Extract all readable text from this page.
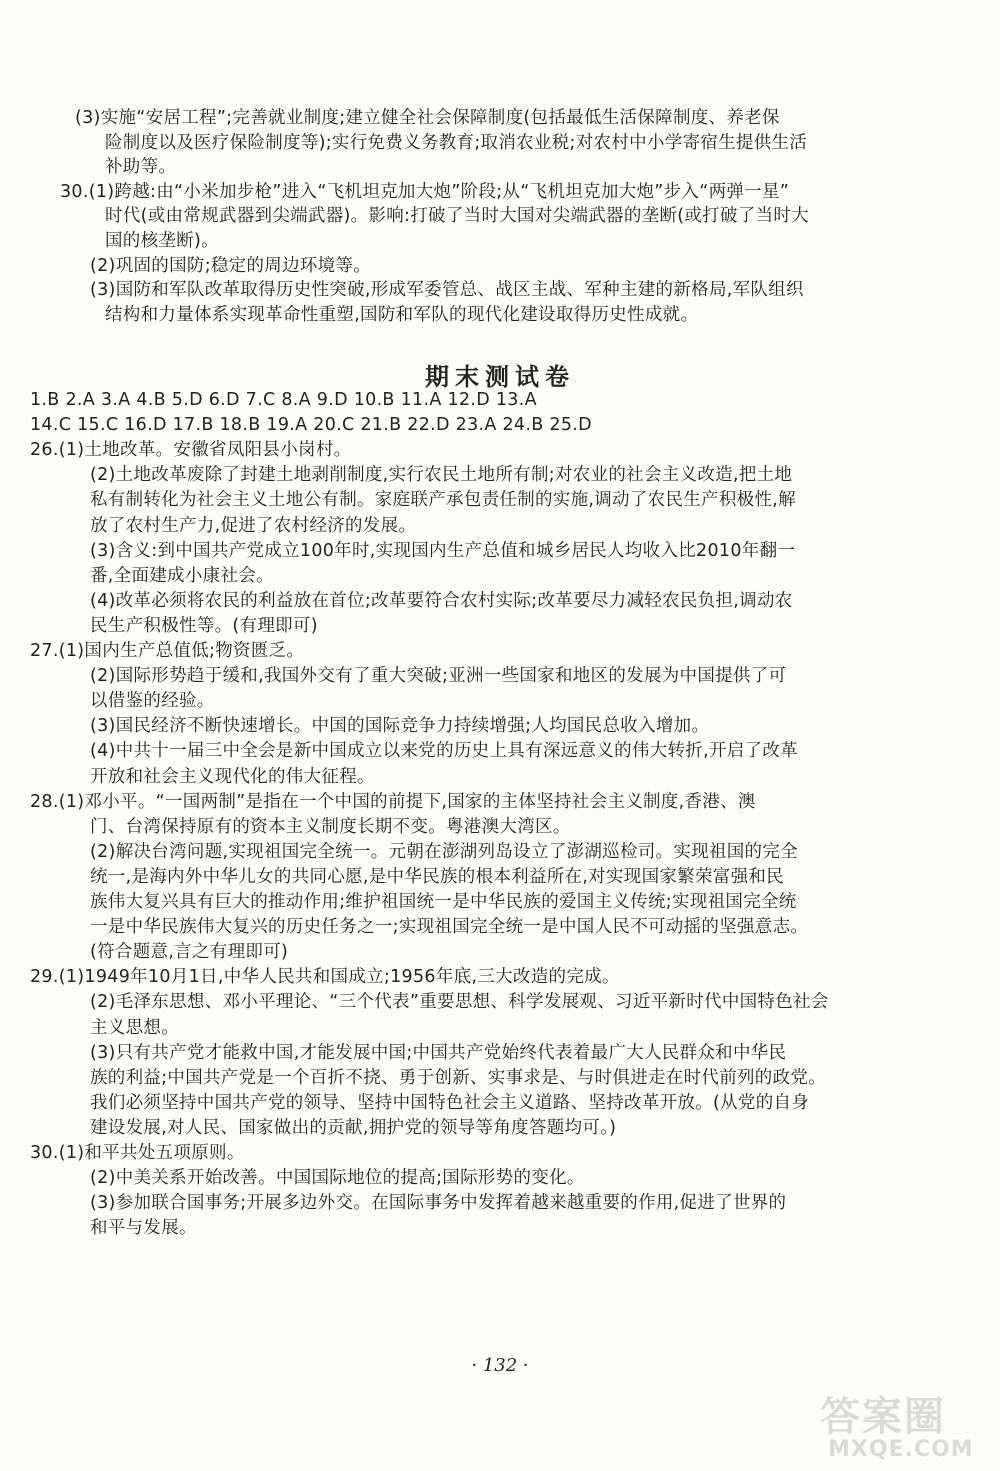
(3)实施“安居工程”;完善就业制度;建立健全社会保障制度(包括最低生活保障制度、养老保
险制度以及医疗保险制度等);实行免费义务教育;取消农业税;对农村中小学寄宿生提供生活
补助等。
30.(1)跨越:由“小米加步枪”进入“飞机坦克加大炮”阶段;从“飞机坦克加大炮”步入“两弹一星”
时代(或由常规武器到尖端武器)。影响:打破了当时大国对尖端武器的垄断(或打破了当时大
国的核垄断)。
(2)巩固的国防;稳定的周边环境等。
(3)国防和军队改革取得历史性突破,形成军委管总、战区主战、军种主建的新格局,军队组织
结构和力量体系实现革命性重塑,国防和军队的现代化建设取得历史性成就。
期末测试卷
1.B 2.A 3.A 4.B 5.D 6.D 7.C 8.A 9.D 10.B 11.A 12.D 13.A
14.C 15.C 16.D 17.B 18.B 19.A 20.C 21.B 22.D 23.A 24.B 25.D
26.(1)土地改革。安徽省凤阳县小岗村。
(2)土地改革废除了封建土地剥削制度,实行农民土地所有制;对农业的社会主义改造,把土地
私有制转化为社会主义土地公有制。家庭联产承包责任制的实施,调动了农民生产积极性,解
放了农村生产力,促进了农村经济的发展。
(3)含义:到中国共产党成立100年时,实现国内生产总值和城乡居民人均收入比2010年翻一
番,全面建成小康社会。
(4)改革必须将农民的利益放在首位;改革要符合农村实际;改革要尽力减轻农民负担,调动农
民生产积极性等。(有理即可)
27.(1)国内生产总值低;物资匮乏。
(2)国际形势趋于缓和,我国外交有了重大突破;亚洲一些国家和地区的发展为中国提供了可
以借鉴的经验。
(3)国民经济不断快速增长。中国的国际竞争力持续增强;人均国民总收入增加。
(4)中共十一届三中全会是新中国成立以来党的历史上具有深远意义的伟大转折,开启了改革
开放和社会主义现代化的伟大征程。
28.(1)邓小平。“一国两制”是指在一个中国的前提下,国家的主体坚持社会主义制度,香港、澳
门、台湾保持原有的资本主义制度长期不变。粤港澳大湾区。
(2)解决台湾问题,实现祖国完全统一。元朝在澎湖列岛设立了澎湖巡检司。实现祖国的完全
统一,是海内外中华儿女的共同心愿,是中华民族的根本利益所在,对实现国家繁荣富强和民
族伟大复兴具有巨大的推动作用;维护祖国统一是中华民族的爱国主义传统;实现祖国完全统
一是中华民族伟大复兴的历史任务之一;实现祖国完全统一是中国人民不可动摇的坚强意志。
(符合题意,言之有理即可)
29.(1)1949年10月1日,中华人民共和国成立;1956年底,三大改造的完成。
(2)毛泽东思想、邓小平理论、“三个代表”重要思想、科学发展观、习近平新时代中国特色社会
主义思想。
(3)只有共产党才能救中国,才能发展中国;中国共产党始终代表着最广大人民群众和中华民
族的利益;中国共产党是一个百折不挠、勇于创新、实事求是、与时俱进走在时代前列的政党。
我们必须坚持中国共产党的领导、坚持中国特色社会主义道路、坚持改革开放。(从党的自身
建设发展,对人民、国家做出的贡献,拥护党的领导等角度答题均可。)
30.(1)和平共处五项原则。
(2)中美关系开始改善。中国国际地位的提高;国际形势的变化。
(3)参加联合国事务;开展多边外交。在国际事务中发挥着越来越重要的作用,促进了世界的
和平与发展。
· 132 ·
答案圈
MXQE.COM
